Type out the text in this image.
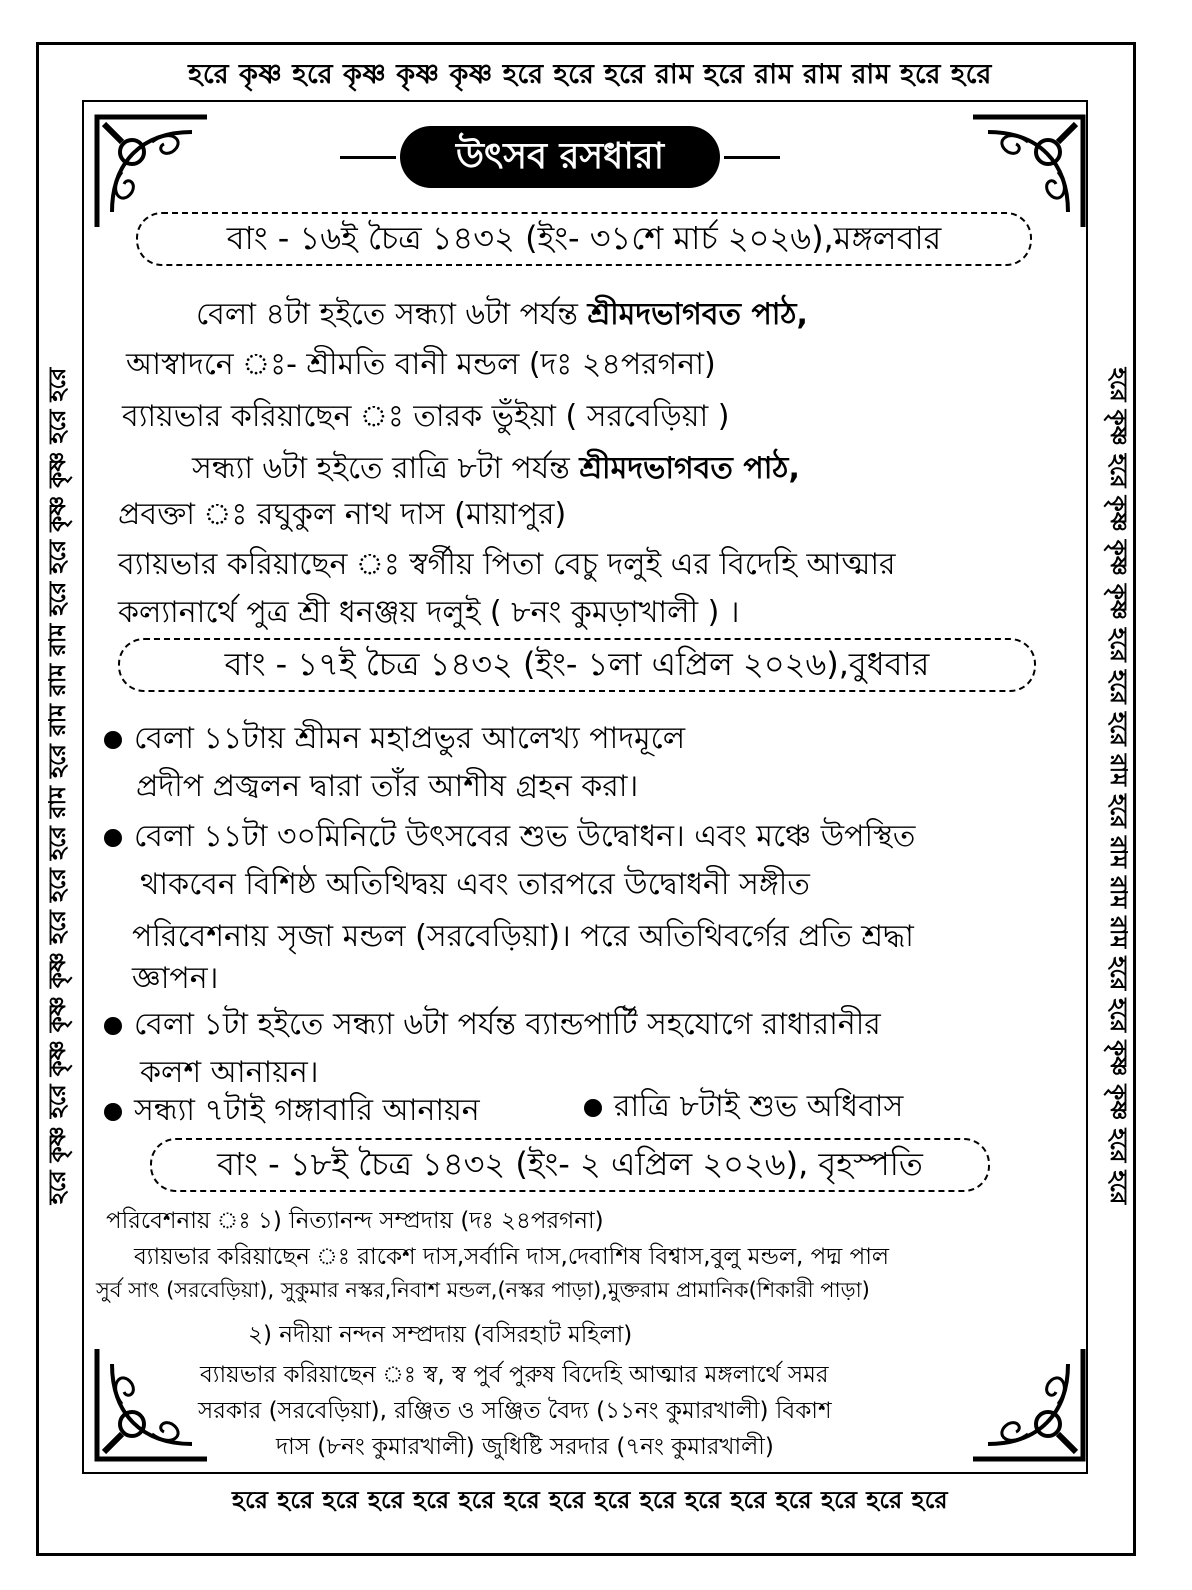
হরে কৃষ্ণ হরে কৃষ্ণ কৃষ্ণ কৃষ্ণ হরে হরে হরে রাম হরে রাম রাম রাম হরে হরে
হরে কৃষ্ণ হরে কৃষ্ণ কৃষ্ণ কৃষ্ণ হরে হরে হরে রাম হরে রাম রাম রাম হরে হরে কৃষ্ণ কৃষ্ণ হরে হরে	হরে কৃষ্ণ হরে কৃষ্ণ কৃষ্ণ কৃষ্ণ হরে হরে হরে রাম হরে রাম রাম রাম হরে হরে কৃষ্ণ কৃষ্ণ হরে হরে
হরে হরে হরে হরে হরে হরে হরে হরে হরে হরে হরে হরে হরে হরে হরে হরে
উৎসব রসধারা
বাং - ১৬ই চৈত্র ১৪৩২ (ইং- ৩১শে মার্চ ২০২৬),মঙ্গলবার
বেলা ৪টা হইতে সন্ধ্যা ৬টা পর্যন্ত শ্রীমদভাগবত পাঠ,
আস্বাদনে ঃ- শ্রীমতি বানী মন্ডল (দঃ ২৪পরগনা)
ব্যায়ভার করিয়াছেন ঃ তারক ভুঁইয়া ( সরবেড়িয়া )
সন্ধ্যা ৬টা হইতে রাত্রি ৮টা পর্যন্ত শ্রীমদভাগবত পাঠ,
প্রবক্তা ঃ রঘুকুল নাথ দাস (মায়াপুর)
ব্যায়ভার করিয়াছেন ঃ স্বর্গীয় পিতা বেচু দলুই এর বিদেহি আত্মার
কল্যানার্থে পুত্র শ্রী ধনঞ্জয় দলুই ( ৮নং কুমড়াখালী ) ।
বাং - ১৭ই চৈত্র ১৪৩২ (ইং- ১লা এপ্রিল ২০২৬),বুধবার
বেলা ১১টায় শ্রীমন মহাপ্রভুর আলেখ্য পাদমূলে
প্রদীপ প্রজ্বলন দ্বারা তাঁর আশীষ গ্রহন করা।
বেলা ১১টা ৩০মিনিটে উৎসবের শুভ উদ্বোধন। এবং মঞ্চে উপস্থিত
থাকবেন বিশিষ্ঠ অতিথিদ্বয় এবং তারপরে উদ্বোধনী সঙ্গীত
পরিবেশনায় সৃজা মন্ডল (সরবেড়িয়া)। পরে অতিথিবর্গের প্রতি শ্রদ্ধা
জ্ঞাপন।
বেলা ১টা হইতে সন্ধ্যা ৬টা পর্যন্ত ব্যান্ডপার্টি সহযোগে রাধারানীর
কলশ আনায়ন।
সন্ধ্যা ৭টাই গঙ্গাবারি আনায়ন	রাত্রি ৮টাই শুভ অধিবাস
বাং - ১৮ই চৈত্র ১৪৩২ (ইং- ২ এপ্রিল ২০২৬), বৃহস্পতি
পরিবেশনায় ঃ ১) নিত্যানন্দ সম্প্রদায় (দঃ ২৪পরগনা)
ব্যায়ভার করিয়াছেন ঃ রাকেশ দাস,সর্বানি দাস,দেবাশিষ বিশ্বাস,বুলু মন্ডল, পদ্ম পাল
সুর্ব সাৎ (সরবেড়িয়া), সুকুমার নস্কর,নিবাশ মন্ডল,(নস্কর পাড়া),মুক্তরাম প্রামানিক(শিকারী পাড়া)
২) নদীয়া নন্দন সম্প্রদায় (বসিরহাট মহিলা)
ব্যায়ভার করিয়াছেন ঃ স্ব, স্ব পুর্ব পুরুষ বিদেহি আত্মার মঙ্গলার্থে সমর
সরকার (সরবেড়িয়া), রঞ্জিত ও সঞ্জিত বৈদ্য (১১নং কুমারখালী) বিকাশ
দাস (৮নং কুমারখালী) জুধিষ্টি সরদার (৭নং কুমারখালী)
